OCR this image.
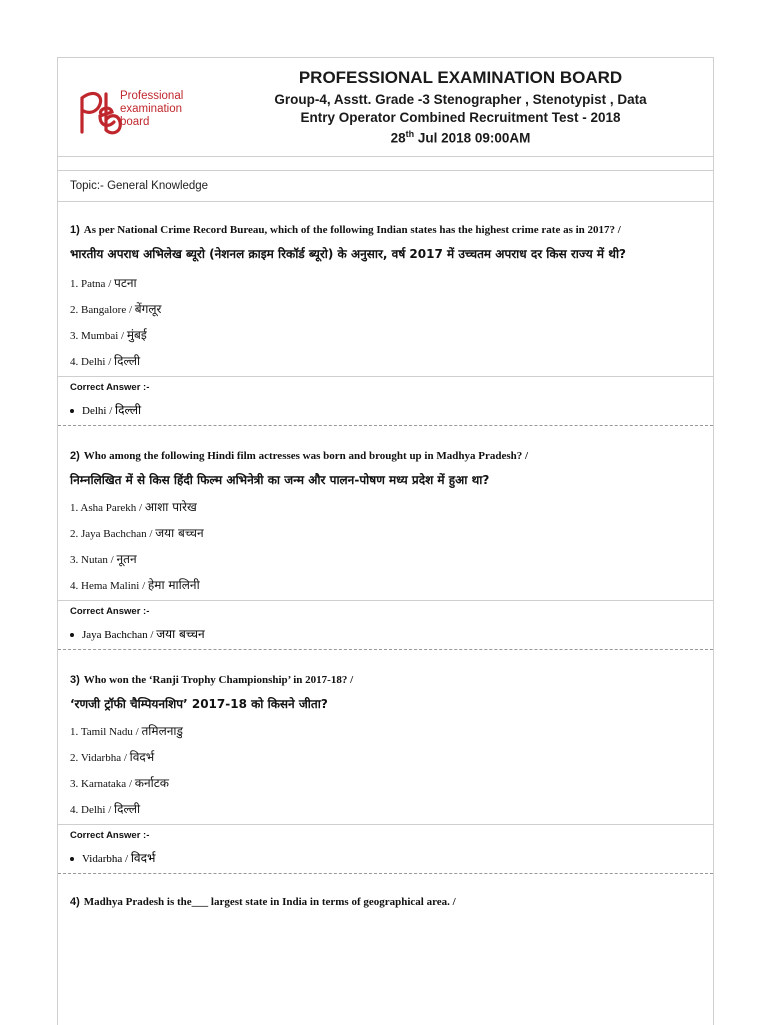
Professional
examination
board
PROFESSIONAL EXAMINATION BOARD
Group-4, Asstt. Grade -3 Stenographer , Stenotypist , Data
Entry Operator Combined Recruitment Test - 2018
28th Jul 2018 09:00AM
Topic:- General Knowledge
1) As per National Crime Record Bureau, which of the following Indian states has the highest crime rate as in 2017? /
भारतीय अपराध अभिलेख ब्यूरो (नेशनल क्राइम रिकॉर्ड ब्यूरो) के अनुसार, वर्ष 2017 में उच्चतम अपराध दर किस राज्य में थी?
1. Patna / पटना
2. Bangalore / बेंगलूर
3. Mumbai / मुंबई
4. Delhi / दिल्ली
Correct Answer :-
Delhi / दिल्ली
2) Who among the following Hindi film actresses was born and brought up in Madhya Pradesh? /
निम्नलिखित में से किस हिंदी फिल्म अभिनेत्री का जन्म और पालन-पोषण मध्य प्रदेश में हुआ था?
1. Asha Parekh / आशा पारेख
2. Jaya Bachchan / जया बच्चन
3. Nutan / नूतन
4. Hema Malini / हेमा मालिनी
Correct Answer :-
Jaya Bachchan / जया बच्चन
3) Who won the ‘Ranji Trophy Championship’ in 2017-18? /
‘रणजी ट्रॉफी चैम्पियनशिप’ 2017-18 को किसने जीता?
1. Tamil Nadu / तमिलनाडु
2. Vidarbha / विदर्भ
3. Karnataka / कर्नाटक
4. Delhi / दिल्ली
Correct Answer :-
Vidarbha / विदर्भ
4) Madhya Pradesh is the___ largest state in India in terms of geographical area. /
